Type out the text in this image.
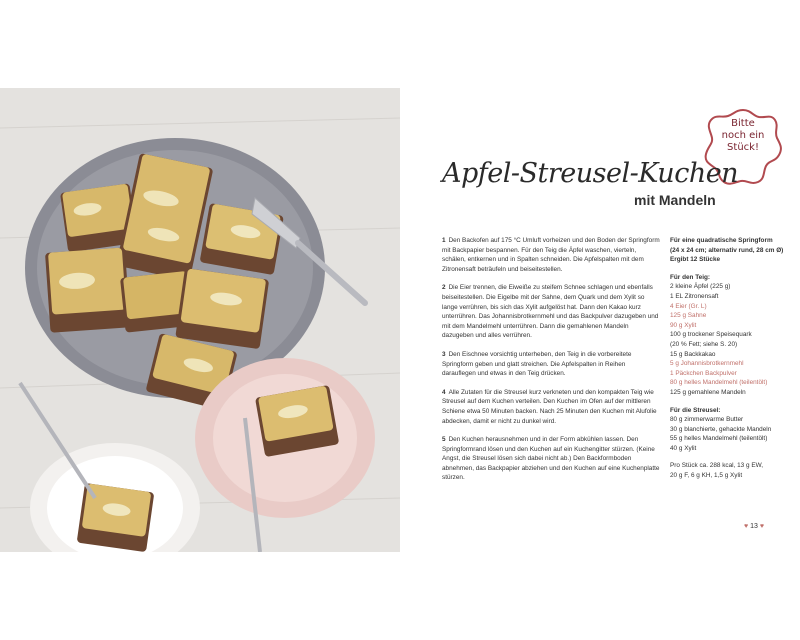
Bitte
noch ein
Stück!
Apfel-Streusel-Kuchen
mit Mandeln

1 Den Backofen auf 175 °C Umluft vorheizen und den Boden der Springform mit Backpapier bespannen. Für den Teig die Äpfel waschen, vierteln, schälen, entkernen und in Spalten schneiden. Die Apfelspalten mit dem Zitronensaft beträufeln und beiseitestellen.

2 Die Eier trennen, die Eiweiße zu steifem Schnee schlagen und ebenfalls beiseitestellen. Die Eigelbe mit der Sahne, dem Quark und dem Xylit so lange verrühren, bis sich das Xylit aufgelöst hat. Dann den Kakao kurz unterrühren. Das Johannisbrotkernmehl und das Backpulver dazugeben und mit dem Mandelmehl unterrühren. Dann die gemahlenen Mandeln dazugeben und alles verrühren.

3 Den Eischnee vorsichtig unterheben, den Teig in die vorbereitete Springform geben und glatt streichen. Die Apfelspalten in Reihen darauflegen und etwas in den Teig drücken.

4 Alle Zutaten für die Streusel kurz verkneten und den kompakten Teig wie Streusel auf dem Kuchen verteilen. Den Kuchen im Ofen auf der mittleren Schiene etwa 50 Minuten backen. Nach 25 Minuten den Kuchen mit Alufolie abdecken, damit er nicht zu dunkel wird.

5 Den Kuchen herausnehmen und in der Form abkühlen lassen. Den Springformrand lösen und den Kuchen auf ein Kuchengitter stürzen. (Keine Angst, die Streusel lösen sich dabei nicht ab.) Den Backformboden abnehmen, das Backpapier abziehen und den Kuchen auf eine Kuchenplatte stürzen.

Für eine quadratische Springform
(24 x 24 cm; alternativ rund, 28 cm Ø)
Ergibt 12 Stücke
Für den Teig:
2 kleine Äpfel (225 g)
1 EL Zitronensaft
4 Eier (Gr. L)
125 g Sahne
90 g Xylit
100 g trockener Speisequark
(20 % Fett; siehe S. 20)
15 g Backkakao
5 g Johannisbrotkernmehl
1 Päckchen Backpulver
80 g helles Mandelmehl (teilentölt)
125 g gemahlene Mandeln
Für die Streusel:
80 g zimmerwarme Butter
30 g blanchierte, gehackte Mandeln
55 g helles Mandelmehl (teilentölt)
40 g Xylit
Pro Stück ca. 288 kcal, 13 g EW,
20 g F, 6 g KH, 1,5 g Xylit
♥ 13 ♥
